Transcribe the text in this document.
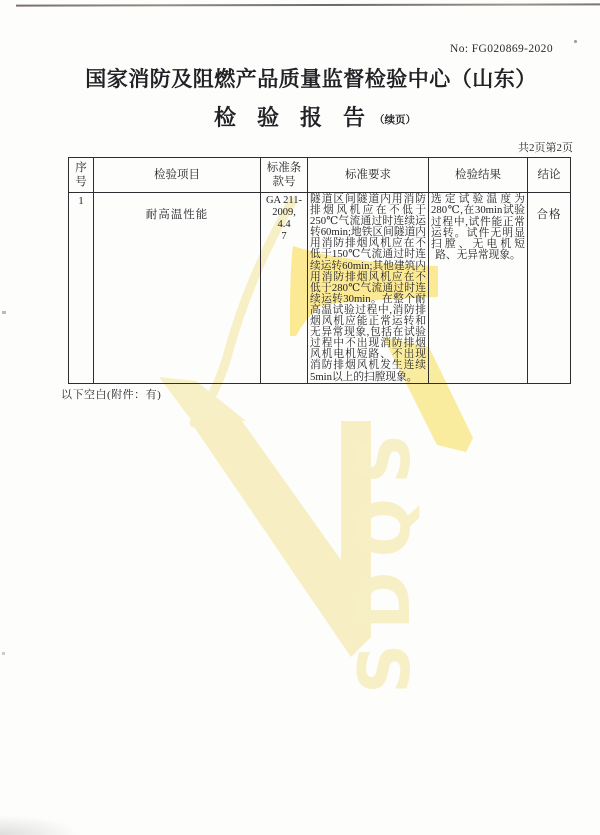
SDQS
No: FG020869-2020
国家消防及阻燃产品质量监督检验中心（山东）
检验报告（续页）
共2页第2页
序号	检验项目	标准条款号	标准要求	检验结果	结论
1	耐高温性能	GA 211-
2009,
4.4
7	隧道区间隧道内用消防排烟风机应在不低于250℃气流通过时连续运转60min;地铁区间隧道内用消防排烟风机应在不低于150℃气流通过时连续运转60min;其他建筑内用消防排烟风机应在不低于280℃气流通过时连续运转30min。在整个耐高温试验过程中,消防排烟风机应能正常运转和无异常现象,包括在试验过程中不出现消防排烟风机电机短路、不出现消防排烟风机发生连续5min以上的扫膛现象。	选定试验温度为280℃,在30min试验过程中,试件能正常运转。试件无明显扫膛、无电机短路、无异常现象。	合格
以下空白(附件：有)
